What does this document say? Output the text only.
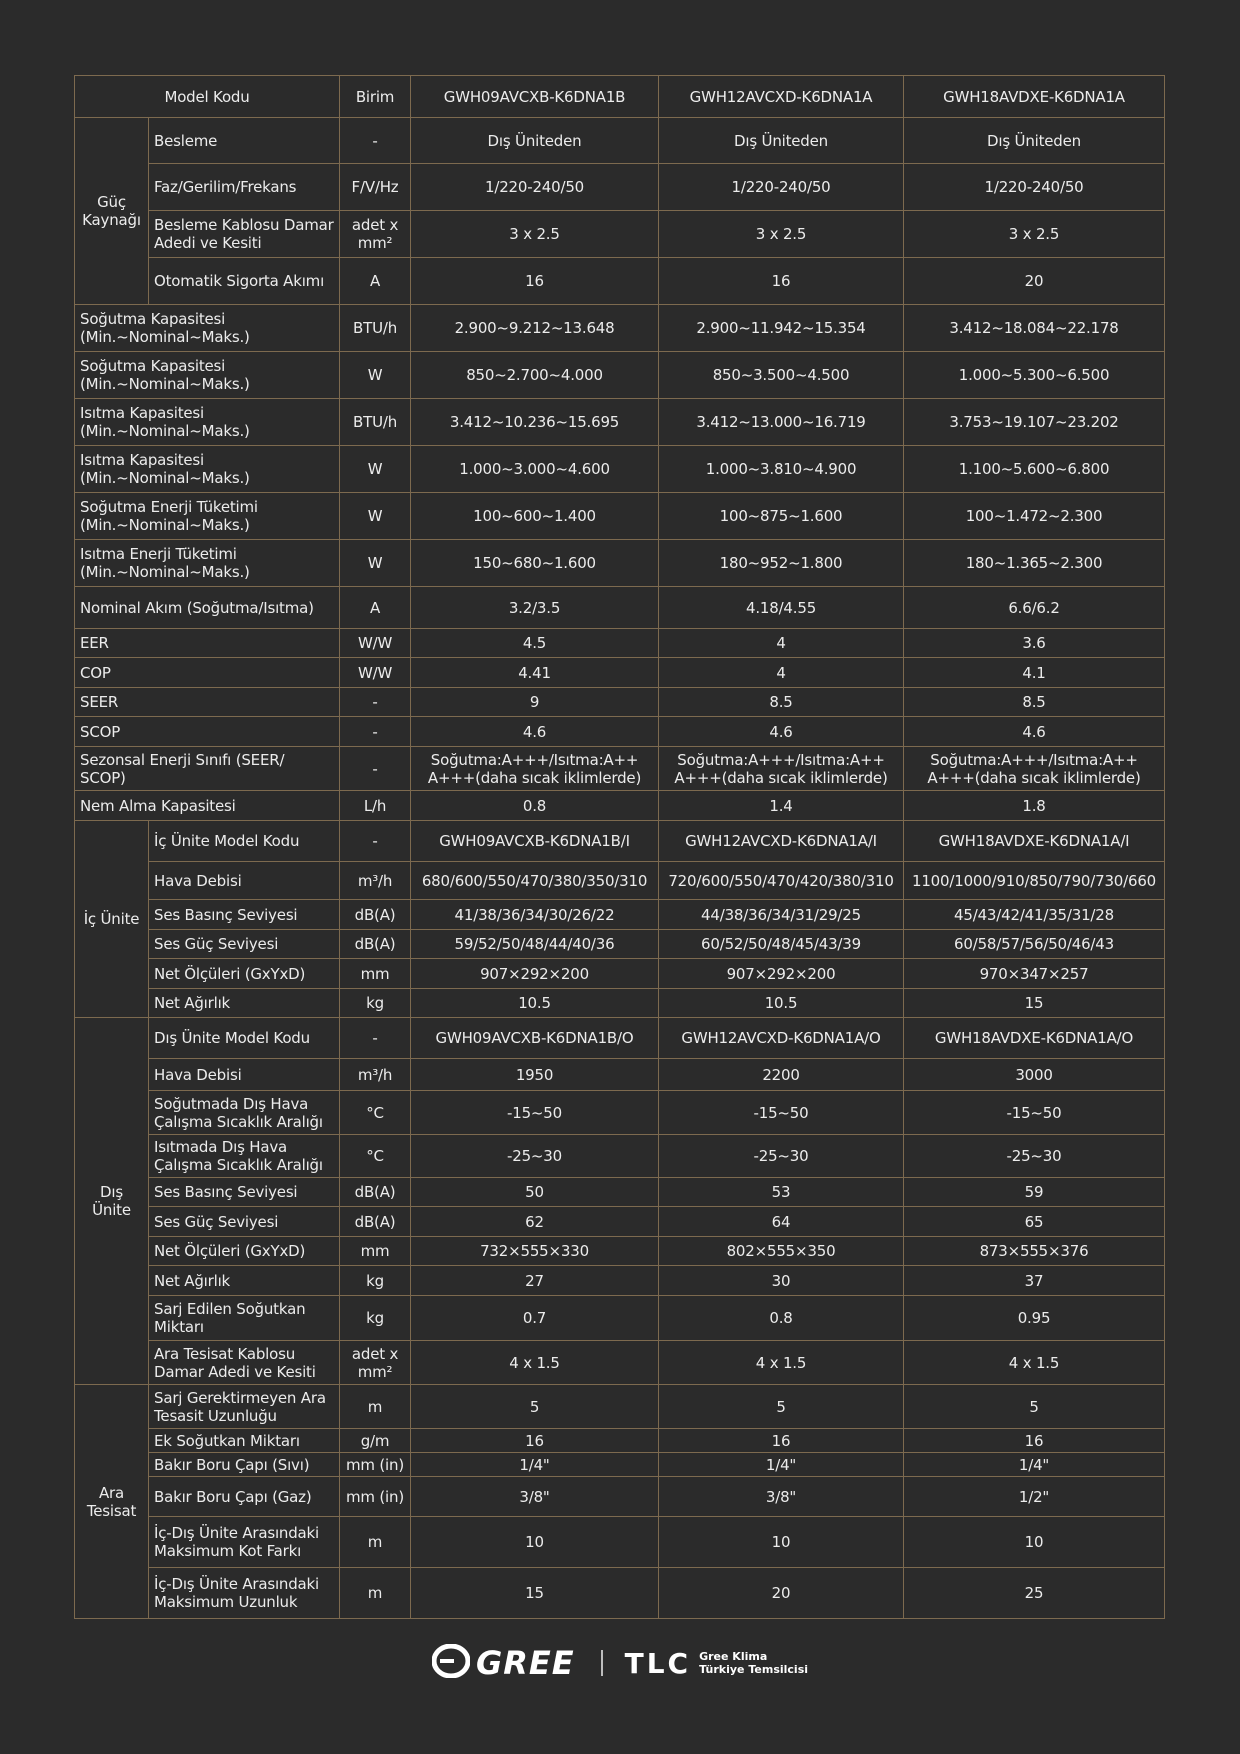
Model Kodu		Birim	GWH09AVCXB-K6DNA1B	GWH12AVCXD-K6DNA1A	GWH18AVDXE-K6DNA1A
Güç Kaynağı	Besleme	-	Dış Üniteden	Dış Üniteden	Dış Üniteden
	Faz/Gerilim/Frekans	F/V/Hz	1/220-240/50	1/220-240/50	1/220-240/50
	Besleme Kablosu Damar Adedi ve Kesiti	adet x mm²	3 x 2.5	3 x 2.5	3 x 2.5
	Otomatik Sigorta Akımı	A	16	16	20
Soğutma Kapasitesi (Min.~Nominal~Maks.)		BTU/h	2.900~9.212~13.648	2.900~11.942~15.354	3.412~18.084~22.178
Soğutma Kapasitesi (Min.~Nominal~Maks.)		W	850~2.700~4.000	850~3.500~4.500	1.000~5.300~6.500
Isıtma Kapasitesi (Min.~Nominal~Maks.)		BTU/h	3.412~10.236~15.695	3.412~13.000~16.719	3.753~19.107~23.202
Isıtma Kapasitesi (Min.~Nominal~Maks.)		W	1.000~3.000~4.600	1.000~3.810~4.900	1.100~5.600~6.800
Soğutma Enerji Tüketimi (Min.~Nominal~Maks.)		W	100~600~1.400	100~875~1.600	100~1.472~2.300
Isıtma Enerji Tüketimi (Min.~Nominal~Maks.)		W	150~680~1.600	180~952~1.800	180~1.365~2.300
Nominal Akım (Soğutma/Isıtma)		A	3.2/3.5	4.18/4.55	6.6/6.2
EER		W/W	4.5	4	3.6
COP		W/W	4.41	4	4.1
SEER		-	9	8.5	8.5
SCOP		-	4.6	4.6	4.6
Sezonsal Enerji Sınıfı (SEER/ SCOP)		-	Soğutma:A+++/Isıtma:A++ A+++(daha sıcak iklimlerde)	Soğutma:A+++/Isıtma:A++ A+++(daha sıcak iklimlerde)	Soğutma:A+++/Isıtma:A++ A+++(daha sıcak iklimlerde)
Nem Alma Kapasitesi		L/h	0.8	1.4	1.8
İç Ünite	İç Ünite Model Kodu	-	GWH09AVCXB-K6DNA1B/I	GWH12AVCXD-K6DNA1A/I	GWH18AVDXE-K6DNA1A/I
	Hava Debisi	m³/h	680/600/550/470/380/350/310	720/600/550/470/420/380/310	1100/1000/910/850/790/730/660
	Ses Basınç Seviyesi	dB(A)	41/38/36/34/30/26/22	44/38/36/34/31/29/25	45/43/42/41/35/31/28
	Ses Güç Seviyesi	dB(A)	59/52/50/48/44/40/36	60/52/50/48/45/43/39	60/58/57/56/50/46/43
	Net Ölçüleri (GxYxD)	mm	907×292×200	907×292×200	970×347×257
	Net Ağırlık	kg	10.5	10.5	15
Dış Ünite	Dış Ünite Model Kodu	-	GWH09AVCXB-K6DNA1B/O	GWH12AVCXD-K6DNA1A/O	GWH18AVDXE-K6DNA1A/O
	Hava Debisi	m³/h	1950	2200	3000
	Soğutmada Dış Hava Çalışma Sıcaklık Aralığı	°C	-15~50	-15~50	-15~50
	Isıtmada Dış Hava Çalışma Sıcaklık Aralığı	°C	-25~30	-25~30	-25~30
	Ses Basınç Seviyesi	dB(A)	50	53	59
	Ses Güç Seviyesi	dB(A)	62	64	65
	Net Ölçüleri (GxYxD)	mm	732×555×330	802×555×350	873×555×376
	Net Ağırlık	kg	27	30	37
	Sarj Edilen Soğutkan Miktarı	kg	0.7	0.8	0.95
	Ara Tesisat Kablosu Damar Adedi ve Kesiti	adet x mm²	4 x 1.5	4 x 1.5	4 x 1.5
Ara Tesisat	Sarj Gerektirmeyen Ara Tesasit Uzunluğu	m	5	5	5
	Ek Soğutkan Miktarı	g/m	16	16	16
	Bakır Boru Çapı (Sıvı)	mm (in)	1/4"	1/4"	1/4"
	Bakır Boru Çapı (Gaz)	mm (in)	3/8"	3/8"	1/2"
	İç-Dış Ünite Arasındaki Maksimum Kot Farkı	m	10	10	10
	İç-Dış Ünite Arasındaki Maksimum Uzunluk	m	15	20	25
GREE TLC Gree Klima
Türkiye Temsilcisi
